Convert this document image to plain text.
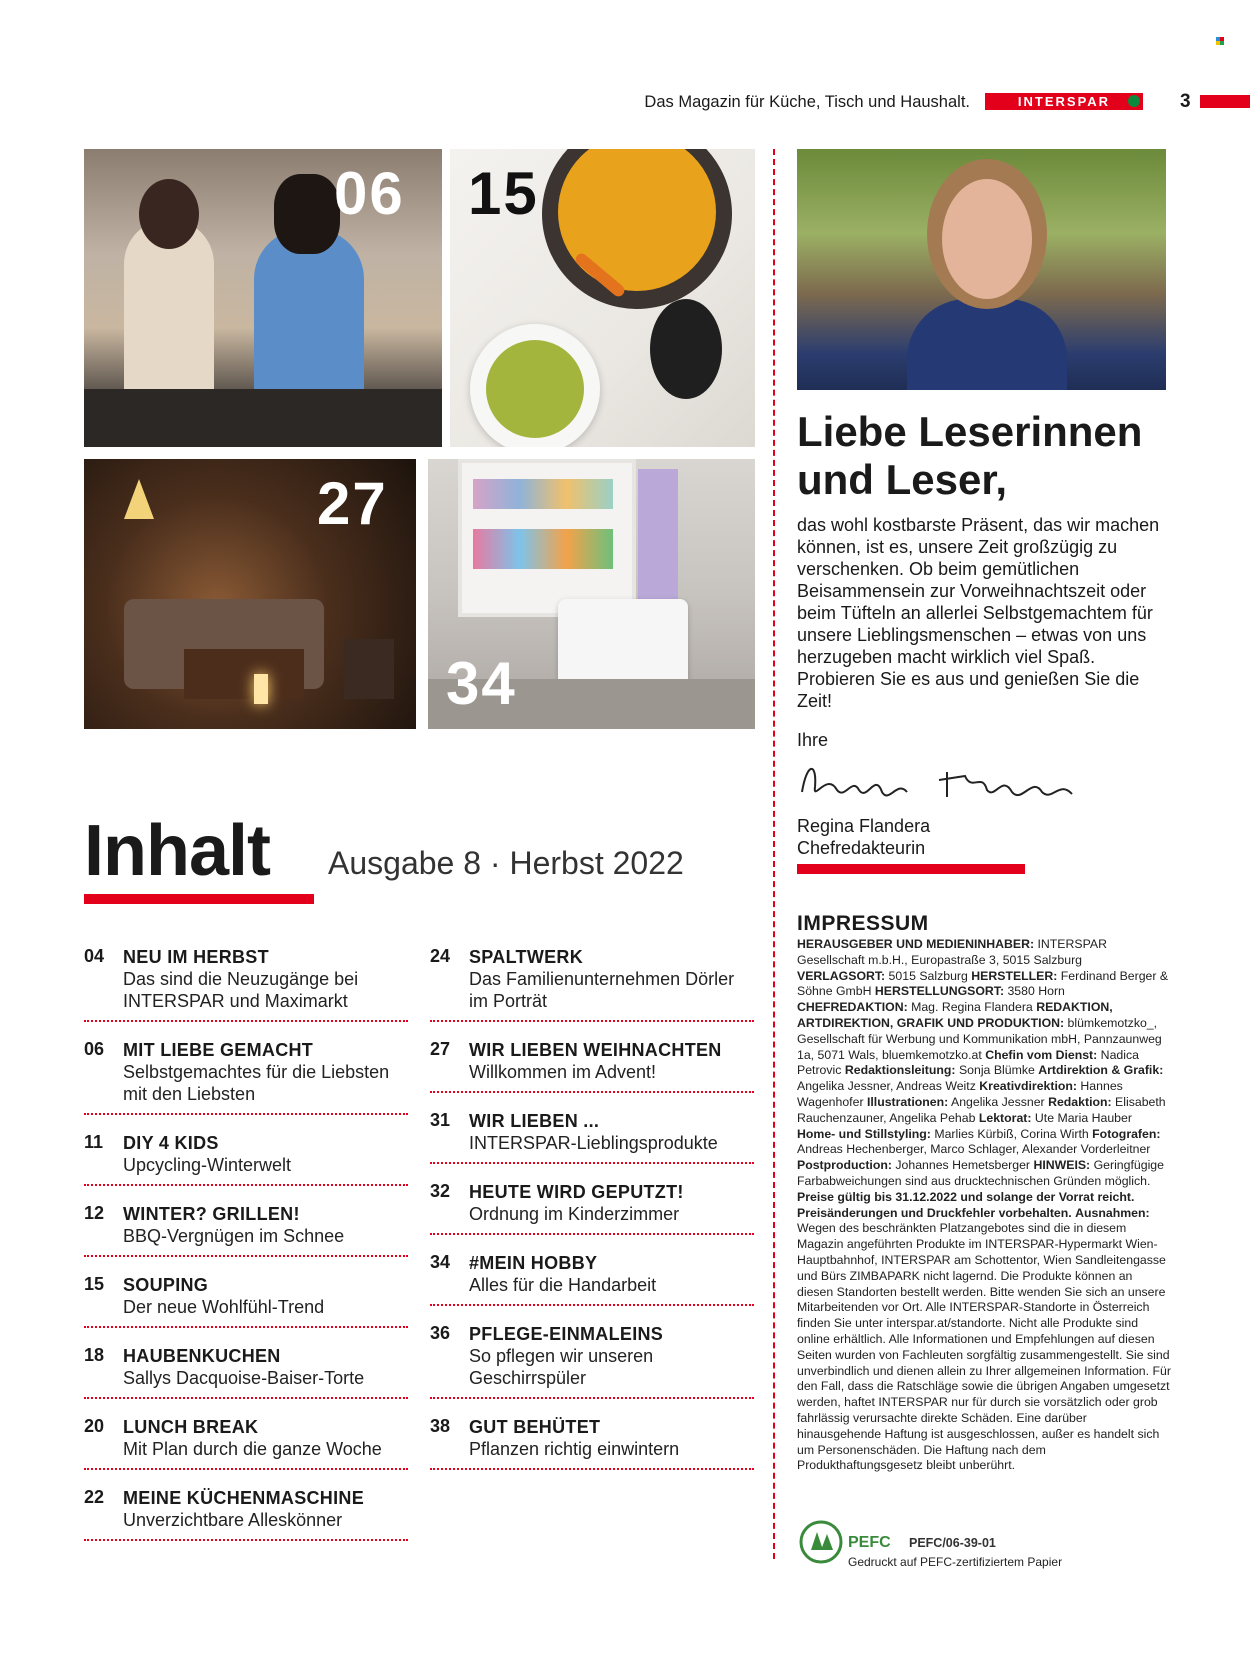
Das Magazin für Küche, Tisch und Haushalt.	INTERSPAR	3
06 15
27
34
Inhalt Ausgabe 8 · Herbst 2022
04 NEU IM HERBST
Das sind die Neuzugänge bei INTERSPAR und Maximarkt
06 MIT LIEBE GEMACHT
Selbstgemachtes für die Liebsten mit den Liebsten
11 DIY 4 KIDS
Upcycling-Winterwelt
12 WINTER? GRILLEN!
BBQ-Vergnügen im Schnee
15 SOUPING
Der neue Wohlfühl-Trend
18 HAUBENKUCHEN
Sallys Dacquoise-Baiser-Torte
20 LUNCH BREAK
Mit Plan durch die ganze Woche
22 MEINE KÜCHENMASCHINE
Unverzichtbare Alleskönner
24 SPALTWERK
Das Familienunternehmen Dörler im Porträt
27 WIR LIEBEN WEIHNACHTEN
Willkommen im Advent!
31 WIR LIEBEN ...
INTERSPAR-Lieblingsprodukte
32 HEUTE WIRD GEPUTZT!
Ordnung im Kinderzimmer
34 #MEIN HOBBY
Alles für die Handarbeit
36 PFLEGE-EINMALEINS
So pflegen wir unseren Geschirrspüler
38 GUT BEHÜTET
Pflanzen richtig einwintern
Liebe Leserinnen und Leser,
das wohl kostbarste Präsent, das wir machen können, ist es, unsere Zeit großzügig zu verschenken. Ob beim gemütlichen Beisammensein zur Vorweihnachtszeit oder beim Tüfteln an allerlei Selbstgemachtem für unsere Lieblingsmenschen – etwas von uns herzugeben macht wirklich viel Spaß. Probieren Sie es aus und genießen Sie die Zeit!
Ihre
Regina Flandera
Chefredakteurin
IMPRESSUM
HERAUSGEBER UND MEDIENINHABER: INTERSPAR Gesellschaft m.b.H., Europastraße 3, 5015 Salzburg VERLAGSORT: 5015 Salzburg HERSTELLER: Ferdinand Berger & Söhne GmbH HERSTELLUNGSORT: 3580 Horn CHEFREDAKTION: Mag. Regina Flandera REDAKTION, ARTDIREKTION, GRAFIK UND PRODUKTION: blümkemotzko_, Gesellschaft für Werbung und Kommunikation mbH, Pannzaunweg 1a, 5071 Wals, bluemkemotzko.at Chefin vom Dienst: Nadica Petrovic Redaktionsleitung: Sonja Blümke Artdirektion & Grafik: Angelika Jessner, Andreas Weitz Kreativdirektion: Hannes Wagenhofer Illustrationen: Angelika Jessner Redaktion: Elisabeth Rauchenzauner, Angelika Pehab Lektorat: Ute Maria Hauber Home- und Stillstyling: Marlies Kürbiß, Corina Wirth Fotografen: Andreas Hechenberger, Marco Schlager, Alexander Vorderleitner Postproduction: Johannes Hemetsberger HINWEIS: Geringfügige Farbabweichungen sind aus drucktechnischen Gründen möglich. Preise gültig bis 31.12.2022 und solange der Vorrat reicht. Preisänderungen und Druckfehler vorbehalten. Ausnahmen: Wegen des beschränkten Platzangebotes sind die in diesem Magazin angeführten Produkte im INTERSPAR-Hypermarkt Wien-Hauptbahnhof, INTERSPAR am Schottentor, Wien Sandleitengasse und Bürs ZIMBAPARK nicht lagernd. Die Produkte können an diesen Standorten bestellt werden. Bitte wenden Sie sich an unsere Mitarbeitenden vor Ort. Alle INTERSPAR-Standorte in Österreich finden Sie unter interspar.at/standorte. Nicht alle Produkte sind online erhältlich. Alle Informationen und Empfehlungen auf diesen Seiten wurden von Fachleuten sorgfältig zusammengestellt. Sie sind unverbindlich und dienen allein zu Ihrer allgemeinen Information. Für den Fall, dass die Ratschläge sowie die übrigen Angaben umgesetzt werden, haftet INTERSPAR nur für durch sie vorsätzlich oder grob fahrlässig verursachte direkte Schäden. Eine darüber hinausgehende Haftung ist ausgeschlossen, außer es handelt sich um Personenschäden. Die Haftung nach dem Produkthaftungsgesetz bleibt unberührt.
PEFC PEFC/06-39-01
Gedruckt auf PEFC-zertifiziertem Papier
